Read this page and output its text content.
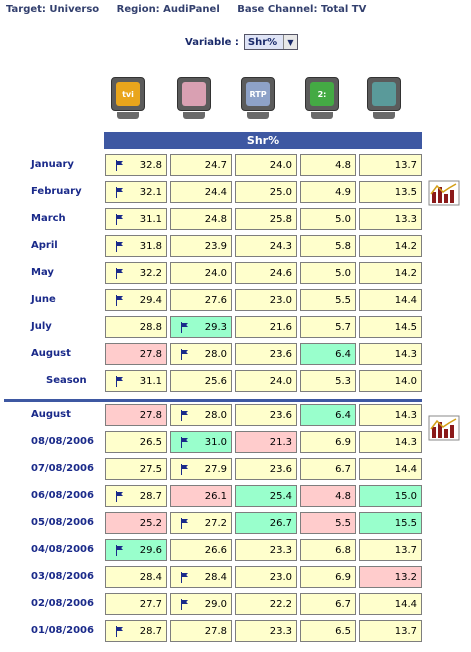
Target: Universo Region: AudiPanel Base Channel: Total TV
Variable : Shr%	▼
tvi	RTP	2:
Shr%
January	32.8	24.7	24.0	4.8	13.7
February	32.1	24.4	25.0	4.9	13.5
March	31.1	24.8	25.8	5.0	13.3
April	31.8	23.9	24.3	5.8	14.2
May	32.2	24.0	24.6	5.0	14.2
June	29.4	27.6	23.0	5.5	14.4
July	28.8	29.3	21.6	5.7	14.5
August	27.8	28.0	23.6	6.4	14.3
Season	31.1	25.6	24.0	5.3	14.0
August	27.8	28.0	23.6	6.4	14.3
08/08/2006	26.5	31.0	21.3	6.9	14.3
07/08/2006	27.5	27.9	23.6	6.7	14.4
06/08/2006	28.7	26.1	25.4	4.8	15.0
05/08/2006	25.2	27.2	26.7	5.5	15.5
04/08/2006	29.6	26.6	23.3	6.8	13.7
03/08/2006	28.4	28.4	23.0	6.9	13.2
02/08/2006	27.7	29.0	22.2	6.7	14.4
01/08/2006	28.7	27.8	23.3	6.5	13.7
